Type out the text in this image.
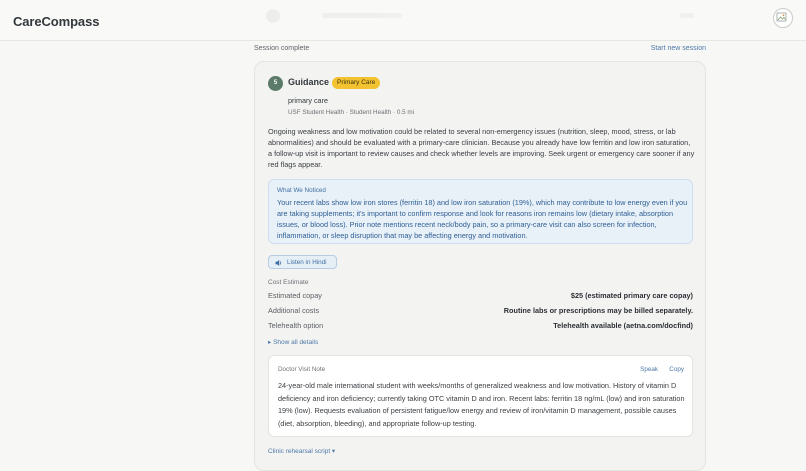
CareCompass
Session complete	Start new session
5	Guidance	Primary Care
primary care
USF Student Health · Student Health · 0.5 mi

Ongoing weakness and low motivation could be related to several non-emergency issues (nutrition, sleep, mood, stress, or lab abnormalities) and should be evaluated with a primary-care clinician. Because you already have low ferritin and low iron saturation, a follow-up visit is important to review causes and check whether levels are improving. Seek urgent or emergency care sooner if any red flags appear.

What We Noticed

Your recent labs show low iron stores (ferritin 18) and low iron saturation (19%), which may contribute to low energy even if you are taking supplements; it's important to confirm response and look for reasons iron remains low (dietary intake, absorption issues, or blood loss). Prior note mentions recent neck/body pain, so a primary-care visit can also screen for infection, inflammation, or sleep disruption that may be affecting energy and motivation.

Listen in Hindi
Cost Estimate
Estimated copay	$25 (estimated primary care copay)
Additional costs	Routine labs or prescriptions may be billed separately.
Telehealth option	Telehealth available (aetna.com/docfind)
▸ Show all details
Doctor Visit Note	Speak Copy

24-year-old male international student with weeks/months of generalized weakness and low motivation. History of vitamin D deficiency and iron deficiency; currently taking OTC vitamin D and iron. Recent labs: ferritin 18 ng/mL (low) and iron saturation 19% (low). Requests evaluation of persistent fatigue/low energy and review of iron/vitamin D management, possible causes (diet, absorption, bleeding), and appropriate follow-up testing.

Clinic rehearsal script ▾
